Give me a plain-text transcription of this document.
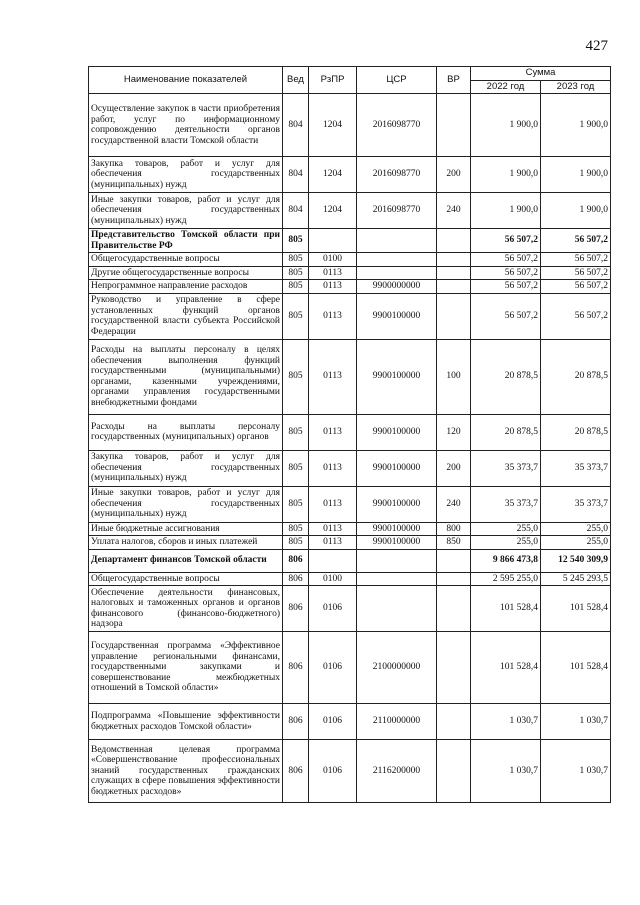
427
Наименование показателей	Вед	РзПР	ЦСР	ВР	Сумма	
					2022 год	2023 год
Осуществление закупок в части приобретения работ, услуг по информационному сопровождению деятельности органов государственной власти Томской области	804	1204	2016098770		1 900,0	1 900,0
Закупка товаров, работ и услуг для обеспечения государственных (муниципальных) нужд	804	1204	2016098770	200	1 900,0	1 900,0
Иные закупки товаров, работ и услуг для обеспечения государственных (муниципальных) нужд	804	1204	2016098770	240	1 900,0	1 900,0
Представительство Томской области при Правительстве РФ	805				56 507,2	56 507,2
Общегосударственные вопросы	805	0100			56 507,2	56 507,2
Другие общегосударственные вопросы	805	0113			56 507,2	56 507,2
Непрограммное направление расходов	805	0113	9900000000		56 507,2	56 507,2
Руководство и управление в сфере установленных функций органов государственной власти субъекта Российской Федерации	805	0113	9900100000		56 507,2	56 507,2
Расходы на выплаты персоналу в целях обеспечения выполнения функций государственными (муниципальными) органами, казенными учреждениями, органами управления государственными внебюджетными фондами	805	0113	9900100000	100	20 878,5	20 878,5
Расходы на выплаты персоналу государственных (муниципальных) органов	805	0113	9900100000	120	20 878,5	20 878,5
Закупка товаров, работ и услуг для обеспечения государственных (муниципальных) нужд	805	0113	9900100000	200	35 373,7	35 373,7
Иные закупки товаров, работ и услуг для обеспечения государственных (муниципальных) нужд	805	0113	9900100000	240	35 373,7	35 373,7
Иные бюджетные ассигнования	805	0113	9900100000	800	255,0	255,0
Уплата налогов, сборов и иных платежей	805	0113	9900100000	850	255,0	255,0
Департамент финансов Томской области	806				9 866 473,8	12 540 309,9
Общегосударственные вопросы	806	0100			2 595 255,0	5 245 293,5
Обеспечение деятельности финансовых, налоговых и таможенных органов и органов финансового (финансово-бюджетного) надзора	806	0106			101 528,4	101 528,4
Государственная программа «Эффективное управление региональными финансами, государственными закупками и совершенствование межбюджетных отношений в Томской области»	806	0106	2100000000		101 528,4	101 528,4
Подпрограмма «Повышение эффективности бюджетных расходов Томской области»	806	0106	2110000000		1 030,7	1 030,7
Ведомственная целевая программа «Совершенствование профессиональных знаний государственных гражданских служащих в сфере повышения эффективности бюджетных расходов»	806	0106	2116200000		1 030,7	1 030,7
